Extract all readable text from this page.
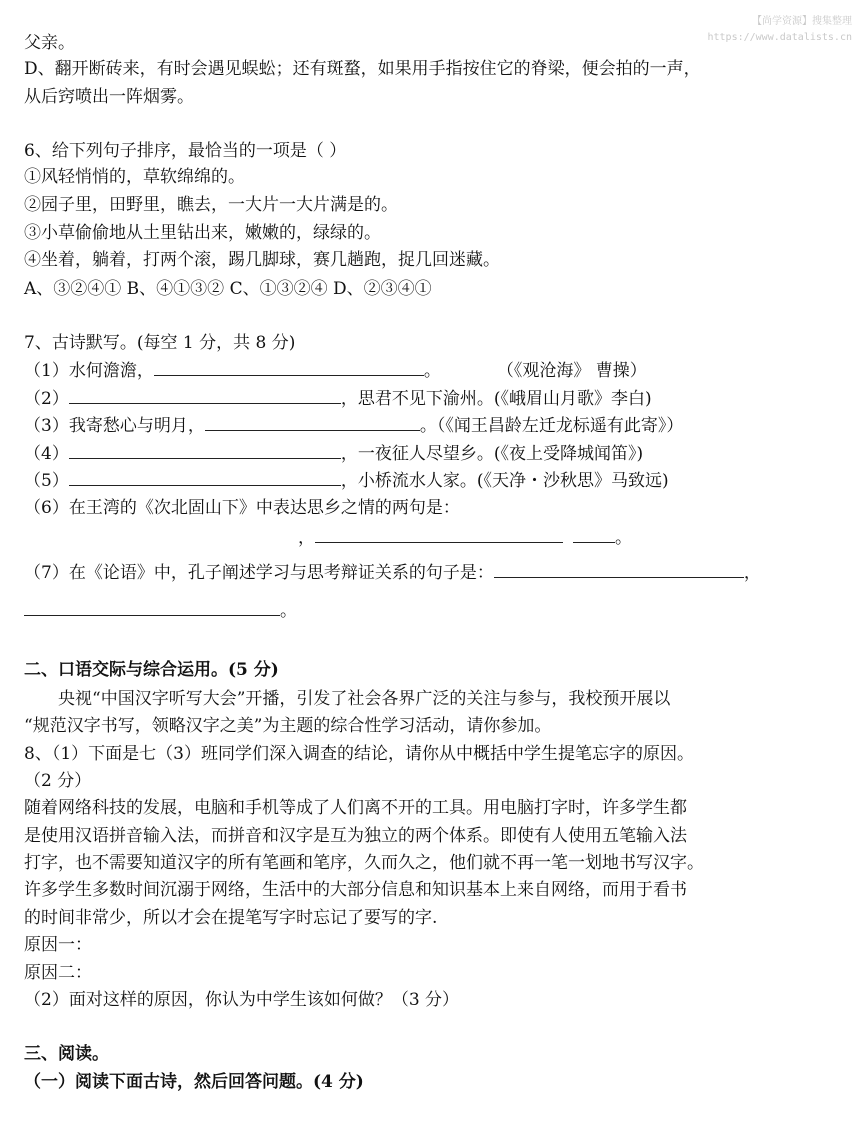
【尚学资源】搜集整理
https://www.datalists.cn
父亲。
D、翻开断砖来，有时会遇见蜈蚣；还有斑蝥，如果用手指按住它的脊梁，便会拍的一声，
从后窍喷出一阵烟雾。
6、给下列句子排序，最恰当的一项是（ ）
①风轻悄悄的，草软绵绵的。
②园子里，田野里，瞧去，一大片一大片满是的。
③小草偷偷地从土里钻出来，嫩嫩的，绿绿的。
④坐着，躺着，打两个滚，踢几脚球，赛几趟跑，捉几回迷藏。
A、③②④① B、④①③② C、①③②④ D、②③④①
7、古诗默写。(每空 1 分，共 8 分)
（1）水何澹澹，	。	（《观沧海》 曹操）
（2）	，思君不见下渝州。(《峨眉山月歌》李白)
（3）我寄愁心与明月，	。（《闻王昌龄左迁龙标遥有此寄》）
（4）	，一夜征人尽望乡。(《夜上受降城闻笛》)
（5）	，小桥流水人家。(《天净・沙秋思》马致远)
（6）在王湾的《次北固山下》中表达思乡之情的两句是：
，	。
（7）在《论语》中，孔子阐述学习与思考辩证关系的句子是：	，
。
二、口语交际与综合运用。(5 分)
央视“中国汉字听写大会”开播，引发了社会各界广泛的关注与参与，我校预开展以
“规范汉字书写，领略汉字之美”为主题的综合性学习活动，请你参加。
8、（1）下面是七（3）班同学们深入调查的结论，请你从中概括中学生提笔忘字的原因。
（2 分）
随着网络科技的发展，电脑和手机等成了人们离不开的工具。用电脑打字时，许多学生都
是使用汉语拼音输入法，而拼音和汉字是互为独立的两个体系。即使有人使用五笔输入法
打字，也不需要知道汉字的所有笔画和笔序，久而久之，他们就不再一笔一划地书写汉字。
许多学生多数时间沉溺于网络，生活中的大部分信息和知识基本上来自网络，而用于看书
的时间非常少，所以才会在提笔写字时忘记了要写的字.
原因一：
原因二：
（2）面对这样的原因，你认为中学生该如何做？（3 分）
三、阅读。
（一）阅读下面古诗，然后回答问题。(4 分)
